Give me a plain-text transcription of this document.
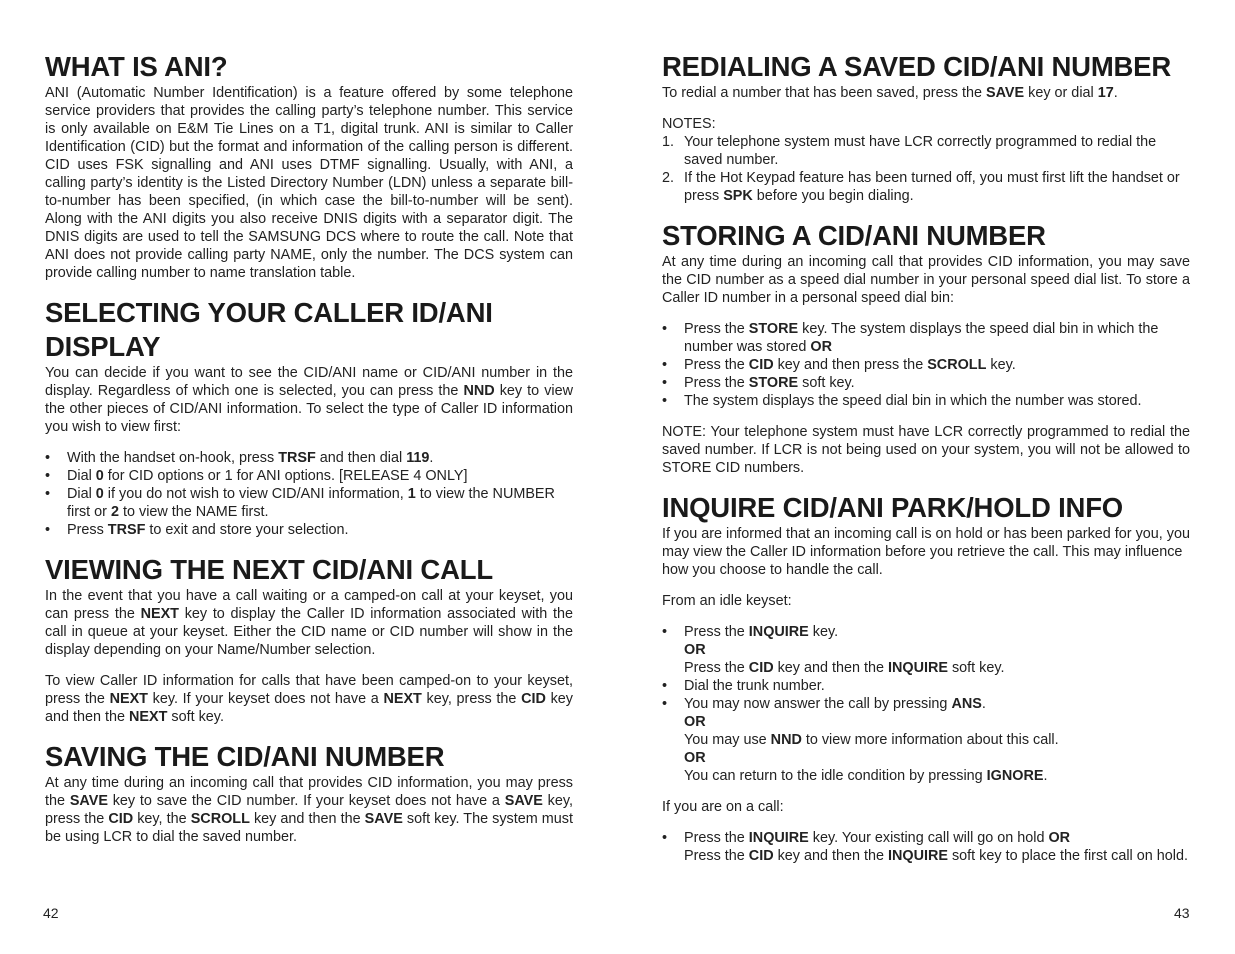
WHAT IS ANI?

ANI (Automatic Number Identification) is a feature offered by some telephone service providers that provides the calling party’s telephone number. This service is only available on E&M Tie Lines on a T1, digital trunk. ANI is similar to Caller Identification (CID) but the format and information of the calling person is different. CID uses FSK signalling and ANI uses DTMF signalling. Usually, with ANI, a calling party’s identity is the Listed Directory Number (LDN) unless a separate bill-to-number has been specified, (in which case the bill-to-number will be sent). Along with the ANI digits you also receive DNIS digits with a separator digit. The DNIS digits are used to tell the SAMSUNG DCS where to route the call. Note that ANI does not provide calling party NAME, only the number. The DCS system can provide calling number to name translation table.

SELECTING YOUR CALLER ID/ANI
DISPLAY

You can decide if you want to see the CID/ANI name or CID/ANI number in the display. Regardless of which one is selected, you can press the NND key to view the other pieces of CID/ANI information. To select the type of Caller ID information you wish to view first:

• With the handset on-hook, press TRSF and then dial 119.
• Dial 0 for CID options or 1 for ANI options. [RELEASE 4 ONLY]
• Dial 0 if you do not wish to view CID/ANI information, 1 to view the NUMBER first or 2 to view the NAME first.
• Press TRSF to exit and store your selection.
VIEWING THE NEXT CID/ANI CALL

In the event that you have a call waiting or a camped-on call at your keyset, you can press the NEXT key to display the Caller ID information associated with the call in queue at your keyset. Either the CID name or CID number will show in the display depending on your Name/Number selection.

To view Caller ID information for calls that have been camped-on to your keyset, press the NEXT key. If your keyset does not have a NEXT key, press the CID key and then the NEXT soft key.

SAVING THE CID/ANI NUMBER

At any time during an incoming call that provides CID information, you may press the SAVE key to save the CID number. If your keyset does not have a SAVE key, press the CID key, the SCROLL key and then the SAVE soft key. The system must be using LCR to dial the saved number.

REDIALING A SAVED CID/ANI NUMBER

To redial a number that has been saved, press the SAVE key or dial 17.

NOTES:

1. Your telephone system must have LCR correctly programmed to redial the saved number.
2. If the Hot Keypad feature has been turned off, you must first lift the handset or press SPK before you begin dialing.
STORING A CID/ANI NUMBER

At any time during an incoming call that provides CID information, you may save the CID number as a speed dial number in your personal speed dial list. To store a Caller ID number in a personal speed dial bin:

• Press the STORE key. The system displays the speed dial bin in which the number was stored OR
• Press the CID key and then press the SCROLL key.
• Press the STORE soft key.
• The system displays the speed dial bin in which the number was stored.

NOTE: Your telephone system must have LCR correctly programmed to redial the saved number. If LCR is not being used on your system, you will not be allowed to STORE CID numbers.

INQUIRE CID/ANI PARK/HOLD INFO

If you are informed that an incoming call is on hold or has been parked for you, you may view the Caller ID information before you retrieve the call. This may influence how you choose to handle the call.

From an idle keyset:

• Press the INQUIRE key.
OR
Press the CID key and then the INQUIRE soft key.
• Dial the trunk number.
• You may now answer the call by pressing ANS.
OR
You may use NND to view more information about this call.
OR
You can return to the idle condition by pressing IGNORE.

If you are on a call:

• Press the INQUIRE key. Your existing call will go on hold OR
Press the CID key and then the INQUIRE soft key to place the first call on hold.
42	43
